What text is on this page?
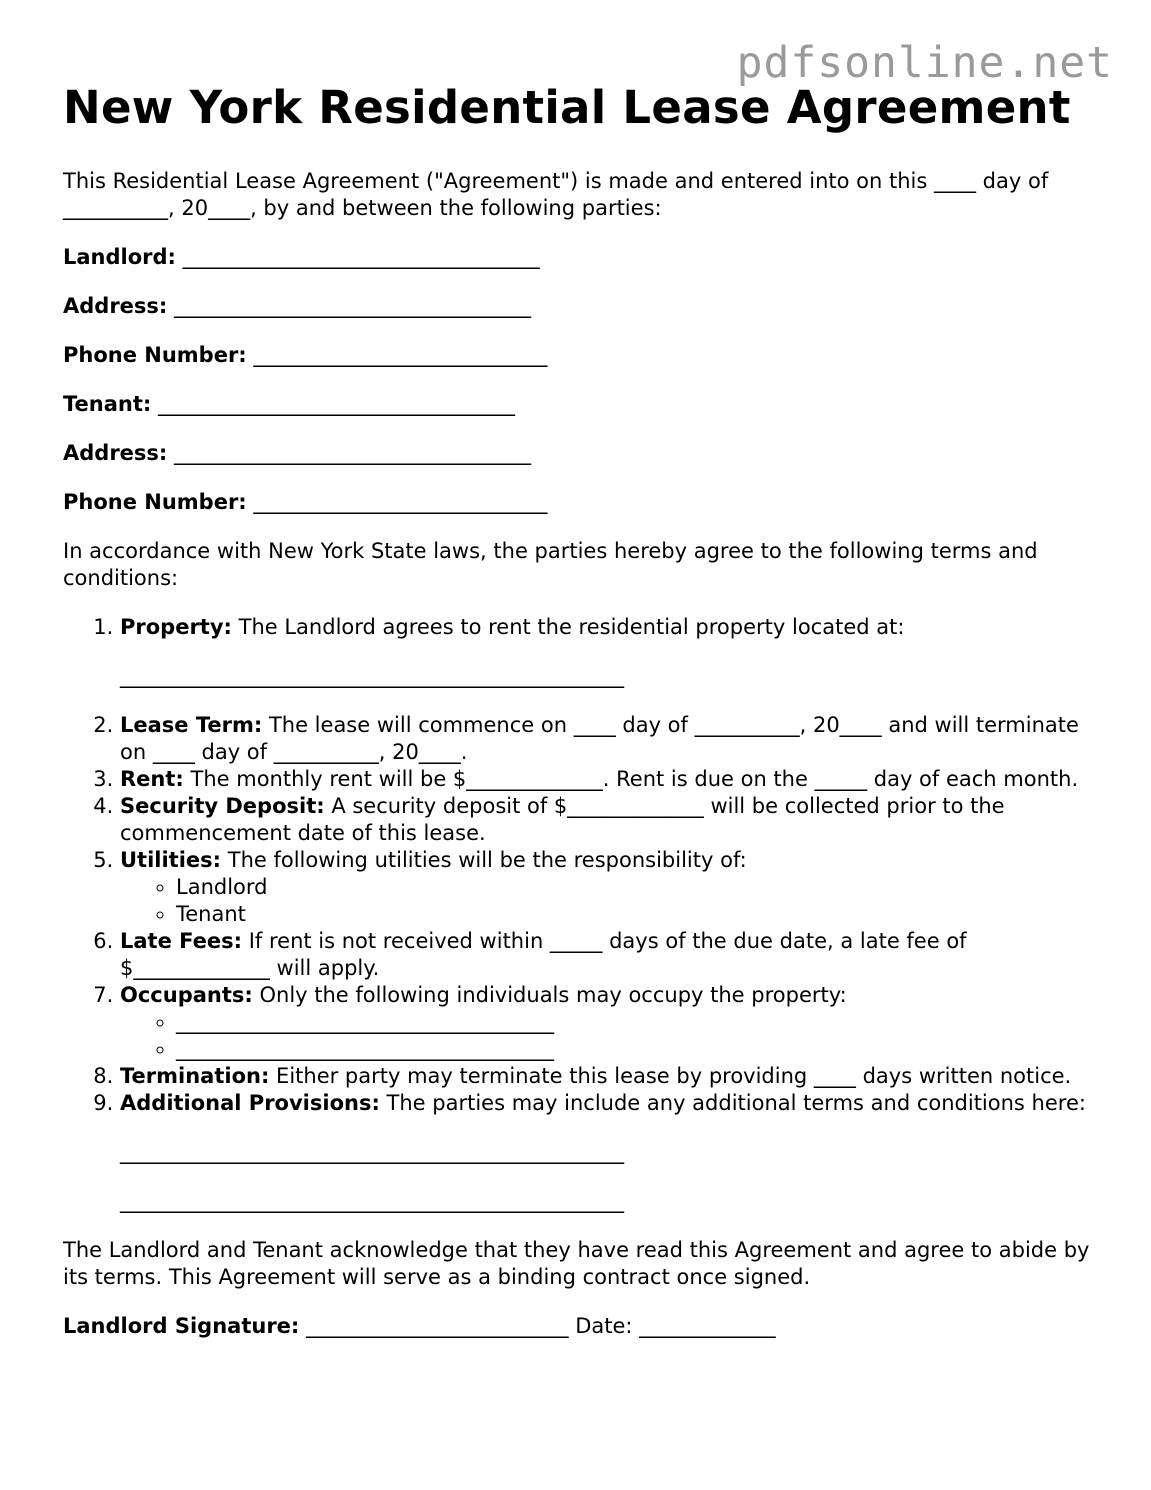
pdfsonline.net
New York Residential Lease Agreement

This Residential Lease Agreement ("Agreement") is made and entered into on this ____ day of __________, 20____, by and between the following parties:

Landlord: __________________________________

Address: __________________________________

Phone Number: ____________________________

Tenant: __________________________________

Address: __________________________________

Phone Number: ____________________________

In accordance with New York State laws, the parties hereby agree to the following terms and conditions:

1. Property: The Landlord agrees to rent the residential property located at:
________________________________________________
2. Lease Term: The lease will commence on ____ day of __________, 20____ and will terminate on ____ day of __________, 20____.
3. Rent: The monthly rent will be $_____________. Rent is due on the _____ day of each month.
4. Security Deposit: A security deposit of $_____________ will be collected prior to the commencement date of this lease.
5. Utilities: The following utilities will be the responsibility of:
◦ Landlord
◦ Tenant
6. Late Fees: If rent is not received within _____ days of the due date, a late fee of $_____________ will apply.
7. Occupants: Only the following individuals may occupy the property:
◦ ____________________________________
◦ ____________________________________
8. Termination: Either party may terminate this lease by providing ____ days written notice.
9. Additional Provisions: The parties may include any additional terms and conditions here:
________________________________________________
________________________________________________

The Landlord and Tenant acknowledge that they have read this Agreement and agree to abide by its terms. This Agreement will serve as a binding contract once signed.

Landlord Signature: _________________________ Date: _____________
